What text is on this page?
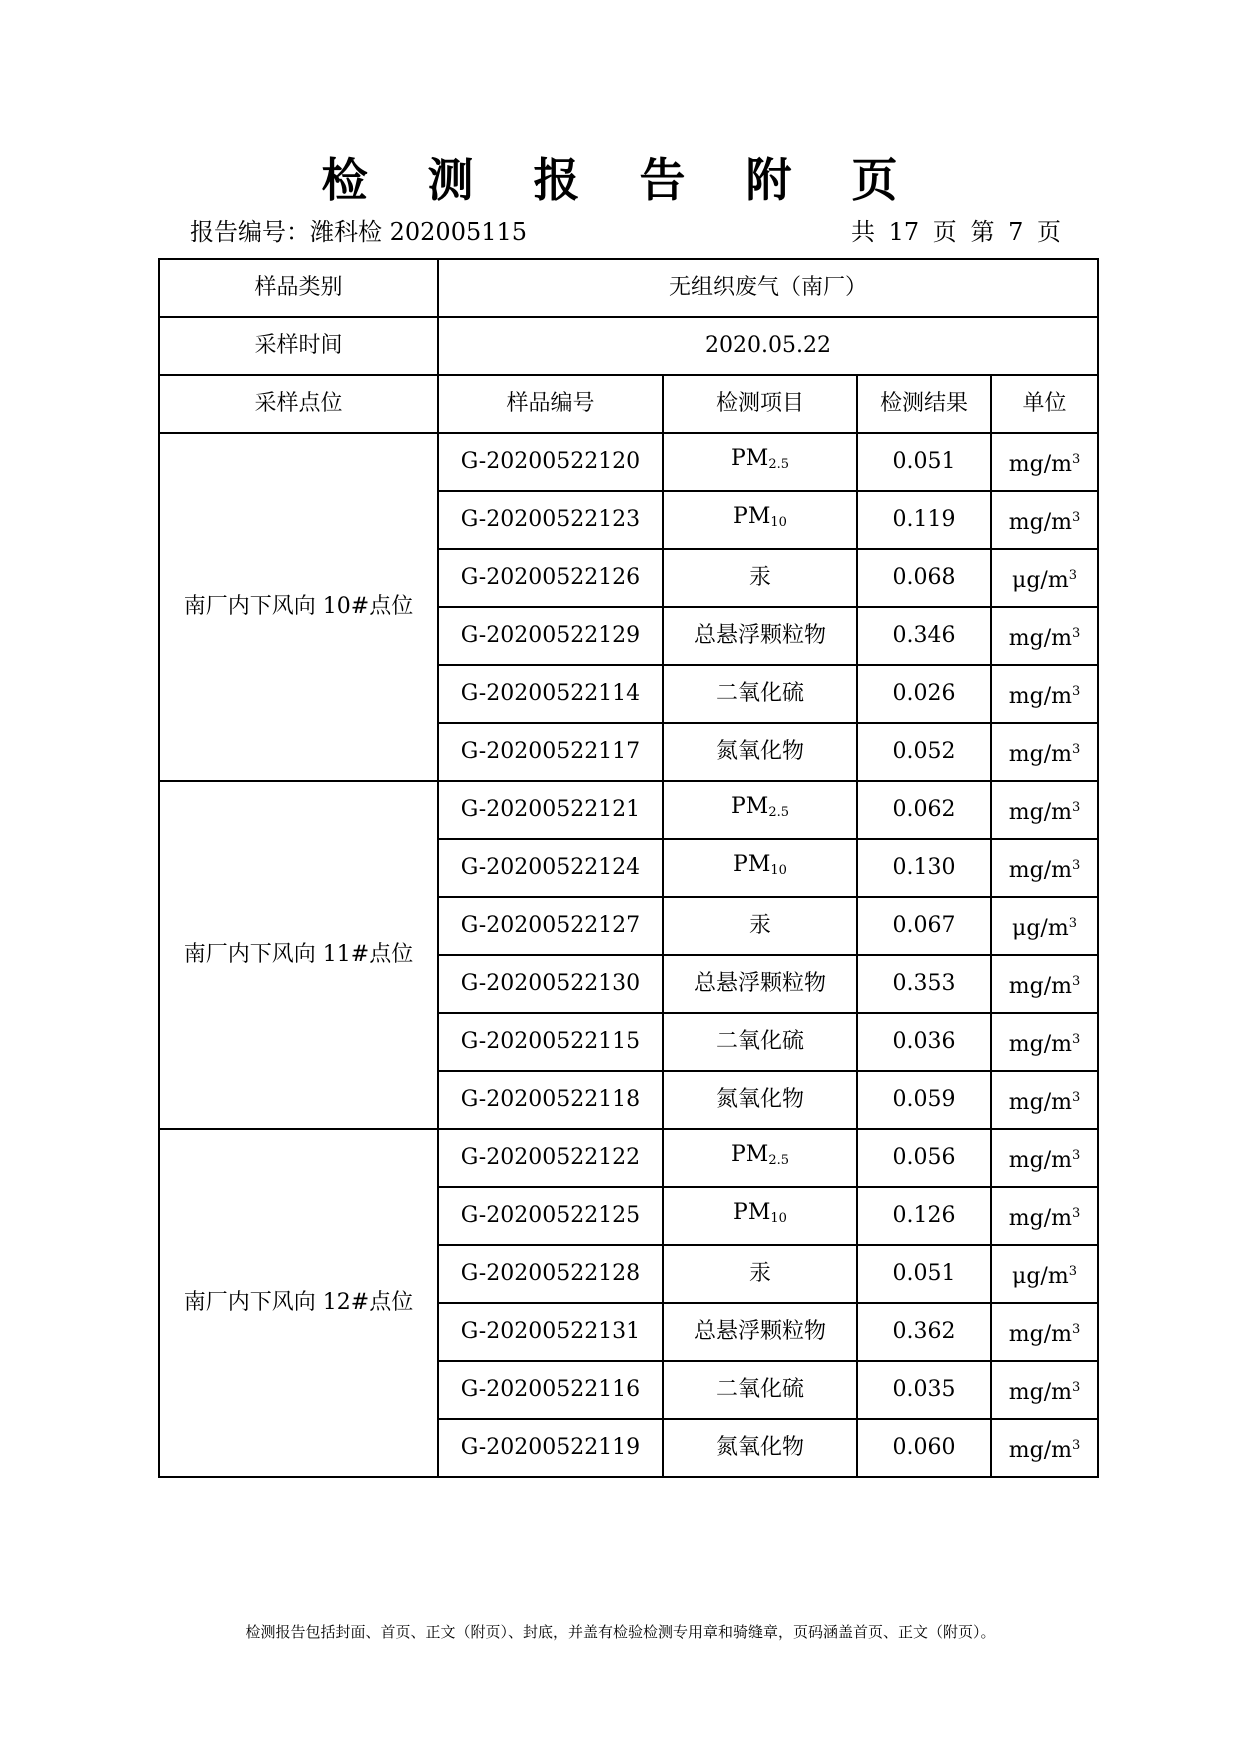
检 测 报 告 附 页
报告编号：潍科检 202005115	共 17 页 第 7 页
样品类别	无组织废气（南厂）			
采样时间	2020.05.22			
采样点位	样品编号	检测项目	检测结果	单位
南厂内下风向 10#点位	G-20200522120	$PM_{2.5}$	0.051	$mg/m^3$
	G-20200522123	$PM_{10}$	0.119	$mg/m^3$
	G-20200522126	汞	0.068	$\mu g/m^3$
	G-20200522129	总悬浮颗粒物	0.346	$mg/m^3$
	G-20200522114	二氧化硫	0.026	$mg/m^3$
	G-20200522117	氮氧化物	0.052	$mg/m^3$
南厂内下风向 11#点位	G-20200522121	$PM_{2.5}$	0.062	$mg/m^3$
	G-20200522124	$PM_{10}$	0.130	$mg/m^3$
	G-20200522127	汞	0.067	$\mu g/m^3$
	G-20200522130	总悬浮颗粒物	0.353	$mg/m^3$
	G-20200522115	二氧化硫	0.036	$mg/m^3$
	G-20200522118	氮氧化物	0.059	$mg/m^3$
南厂内下风向 12#点位	G-20200522122	$PM_{2.5}$	0.056	$mg/m^3$
	G-20200522125	$PM_{10}$	0.126	$mg/m^3$
	G-20200522128	汞	0.051	$\mu g/m^3$
	G-20200522131	总悬浮颗粒物	0.362	$mg/m^3$
	G-20200522116	二氧化硫	0.035	$mg/m^3$
	G-20200522119	氮氧化物	0.060	$mg/m^3$
检测报告包括封面、首页、正文（附页）、封底，并盖有检验检测专用章和骑缝章，页码涵盖首页、正文（附页）。
